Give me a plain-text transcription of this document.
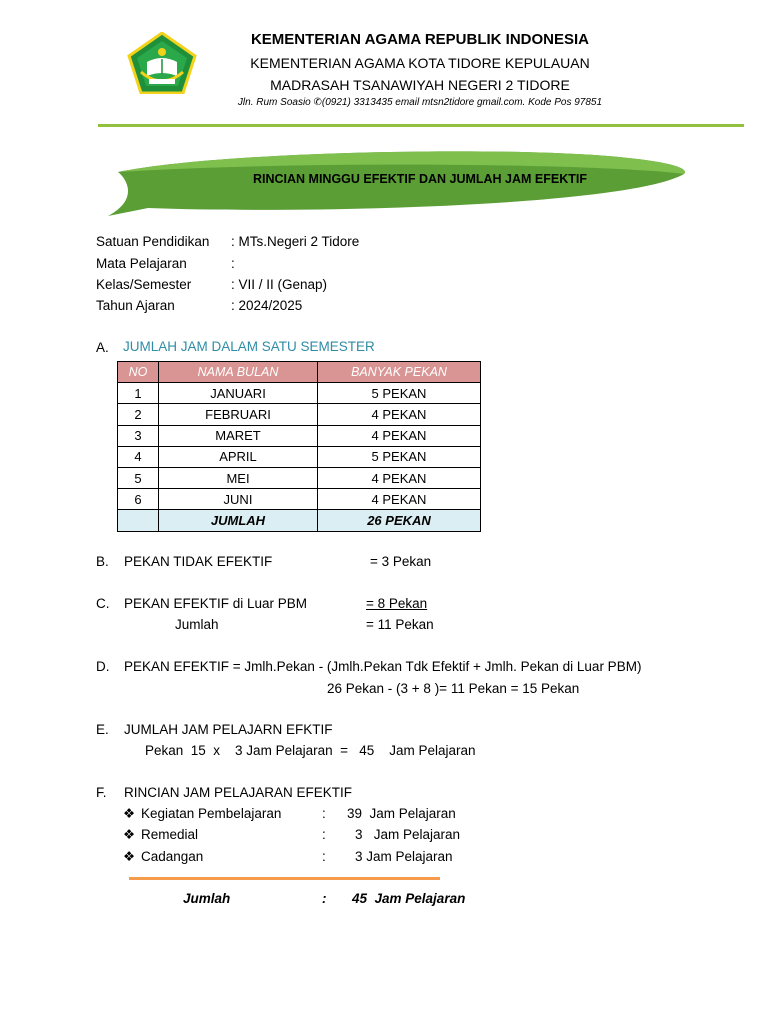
KEMENTERIAN AGAMA REPUBLIK INDONESIA
KEMENTERIAN AGAMA KOTA TIDORE KEPULAUAN
MADRASAH TSANAWIYAH NEGERI 2 TIDORE
Jln. Rum Soasio ✆(0921) 3313435 email mtsn2tidore gmail.com. Kode Pos 97851
RINCIAN MINGGU EFEKTIF DAN JUMLAH JAM EFEKTIF
Satuan Pendidikan : MTs.Negeri 2 Tidore
Mata Pelajaran	:
Kelas/Semester	: VII / II (Genap)
Tahun Ajaran	: 2024/2025
A. JUMLAH JAM DALAM SATU SEMESTER
NO	NAMA BULAN	BANYAK PEKAN
1	JANUARI	5 PEKAN
2	FEBRUARI	4 PEKAN
3	MARET	4 PEKAN
4	APRIL	5 PEKAN
5	MEI	4 PEKAN
6	JUNI	4 PEKAN
	JUMLAH	26 PEKAN
B. PEKAN TIDAK EFEKTIF	= 3 Pekan
C. PEKAN EFEKTIF di Luar PBM	= 8 Pekan
Jumlah	= 11 Pekan
D. PEKAN EFEKTIF = Jmlh.Pekan - (Jmlh.Pekan Tdk Efektif + Jmlh. Pekan di Luar PBM)
26 Pekan - (3 + 8 )= 11 Pekan = 15 Pekan
E. JUMLAH JAM PELAJARN EFKTIF
Pekan  15  x    3 Jam Pelajaran  =   45    Jam Pelajaran
F. RINCIAN JAM PELAJARAN EFEKTIF
❖ Kegiatan Pembelajaran	: 39  Jam Pelajaran
❖ Remedial	: 3   Jam Pelajaran
❖ Cadangan	: 3 Jam Pelajaran
Jumlah	: 45  Jam Pelajaran
